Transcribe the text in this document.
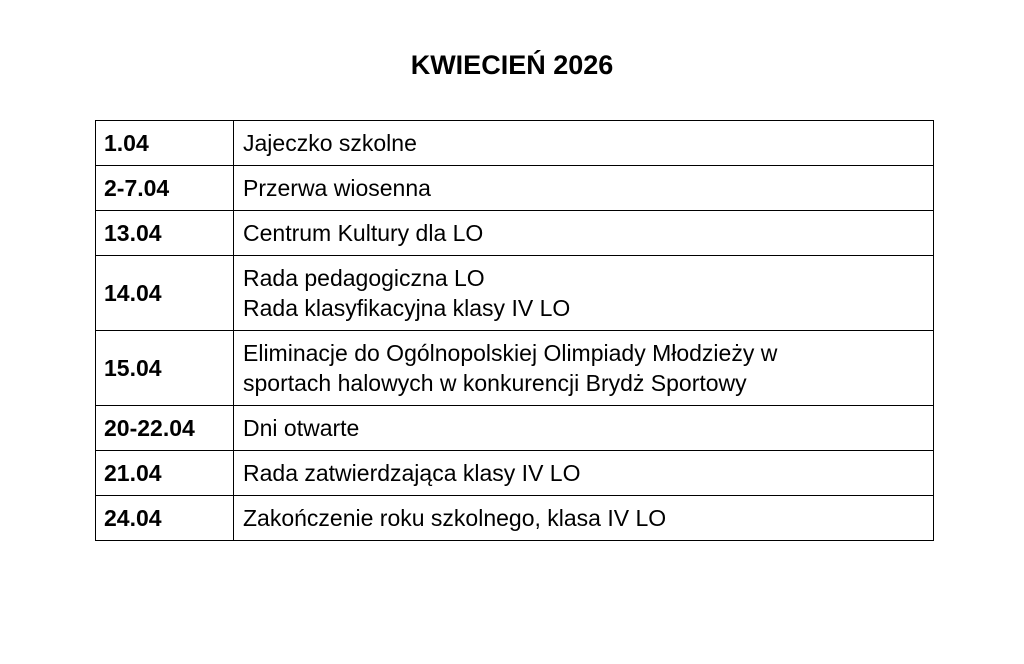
KWIECIEŃ 2026
1.04	Jajeczko szkolne

2-7.04	Przerwa wiosenna

13.04	Centrum Kultury dla LO

14.04	Rada pedagogiczna LO
Rada klasyfikacyjna klasy IV LO

15.04	Eliminacje do Ogólnopolskiej Olimpiady Młodzieży w
sportach halowych w konkurencji Brydż Sportowy

20-22.04	Dni otwarte

21.04	Rada zatwierdzająca klasy IV LO

24.04	Zakończenie roku szkolnego, klasa IV LO
